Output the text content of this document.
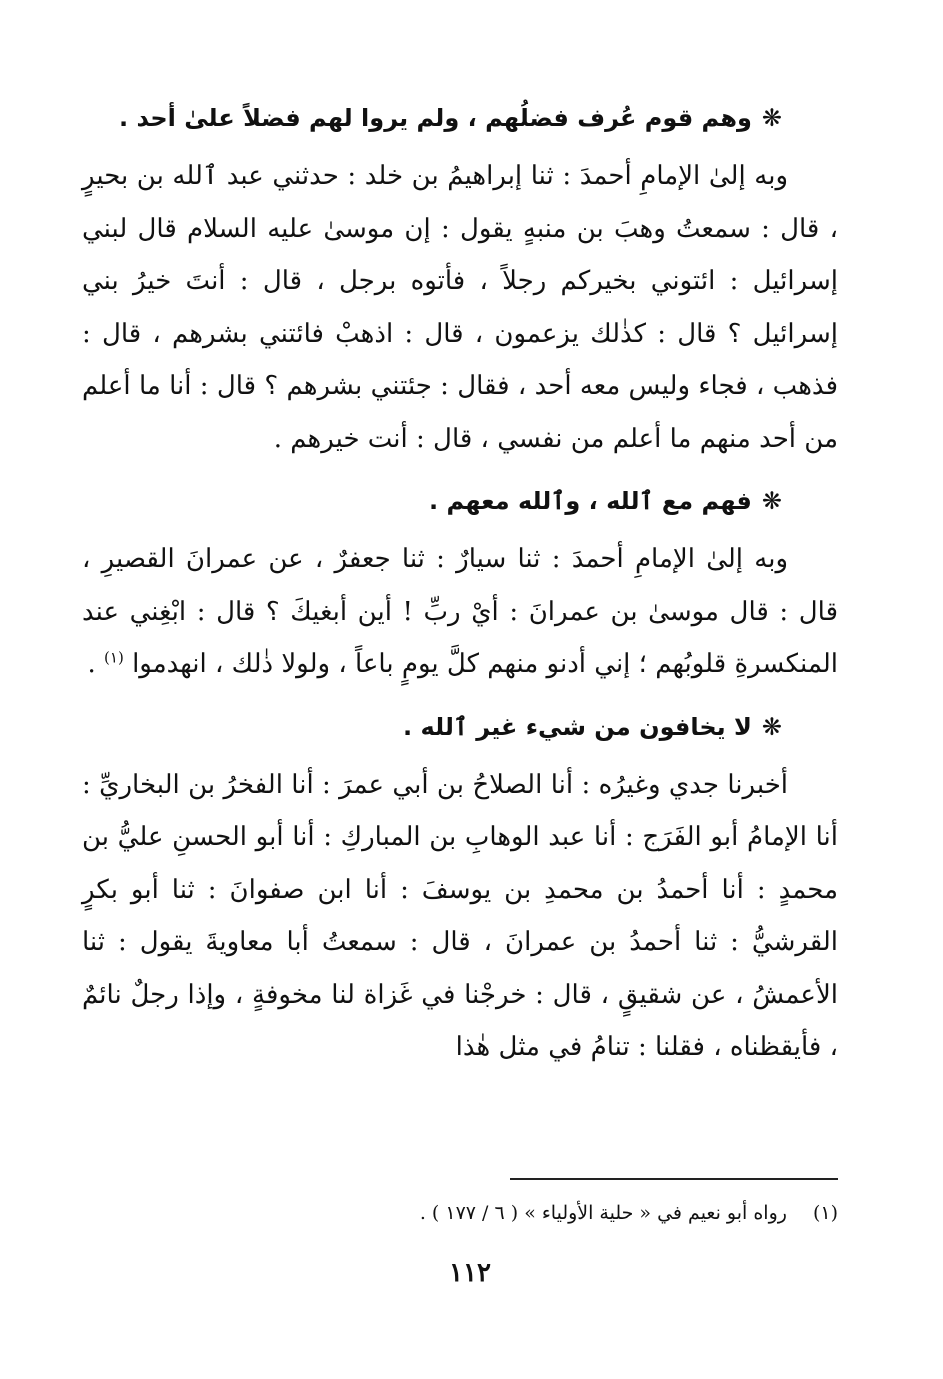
❋وهم قوم عُرف فضلُهم ، ولم يروا لهم فضلاً علىٰ أحد .

وبه إلىٰ الإمامِ أحمدَ : ثنا إبراهيمُ بن خلد : حدثني عبد ٱلله بن بحيرٍ ، قال : سمعتُ وهبَ بن منبهٍ يقول : إن موسىٰ عليه السلام قال لبني إسرائيل : ائتوني بخيركم رجلاً ، فأتوه برجل ، قال : أنتَ خيرُ بني إسرائيل ؟ قال : كذٰلك يزعمون ، قال : اذهبْ فائتني بشرهم ، قال : فذهب ، فجاء وليس معه أحد ، فقال : جئتني بشرهم ؟ قال : أنا ما أعلم من أحد منهم ما أعلم من نفسي ، قال : أنت خيرهم .

❋فهم مع ٱلله ، وٱلله معهم .

وبه إلىٰ الإمامِ أحمدَ : ثنا سيارٌ : ثنا جعفرٌ ، عن عمرانَ القصيرِ ، قال : قال موسىٰ بن عمرانَ : أيْ ربِّ ! أين أبغيكَ ؟ قال : ابْغِني عند المنكسرةِ قلوبُهم ؛ إني أدنو منهم كلَّ يومٍ باعاً ، ولولا ذٰلك ، انهدموا $^{(١)}$ .

❋لا يخافون من شيء غير ٱلله .

أخبرنا جدي وغيرُه : أنا الصلاحُ بن أبي عمرَ : أنا الفخرُ بن البخاريِّ : أنا الإمامُ أبو الفَرَج : أنا عبد الوهابِ بن المباركِ : أنا أبو الحسنِ عليُّ بن محمدٍ : أنا أحمدُ بن محمدِ بن يوسفَ : أنا ابن صفوانَ : ثنا أبو بكرٍ القرشيُّ : ثنا أحمدُ بن عمرانَ ، قال : سمعتُ أبا معاويةَ يقول : ثنا الأعمشُ ، عن شقيقٍ ، قال : خرجْنا في غَزاة لنا مخوفةٍ ، وإذا رجلٌ نائمٌ ، فأيقظناه ، فقلنا : تنامُ في مثل هٰذا

(١)رواه أبو نعيم في « حلية الأولياء » ( ٦ / ١٧٧ ) .
١١٢
